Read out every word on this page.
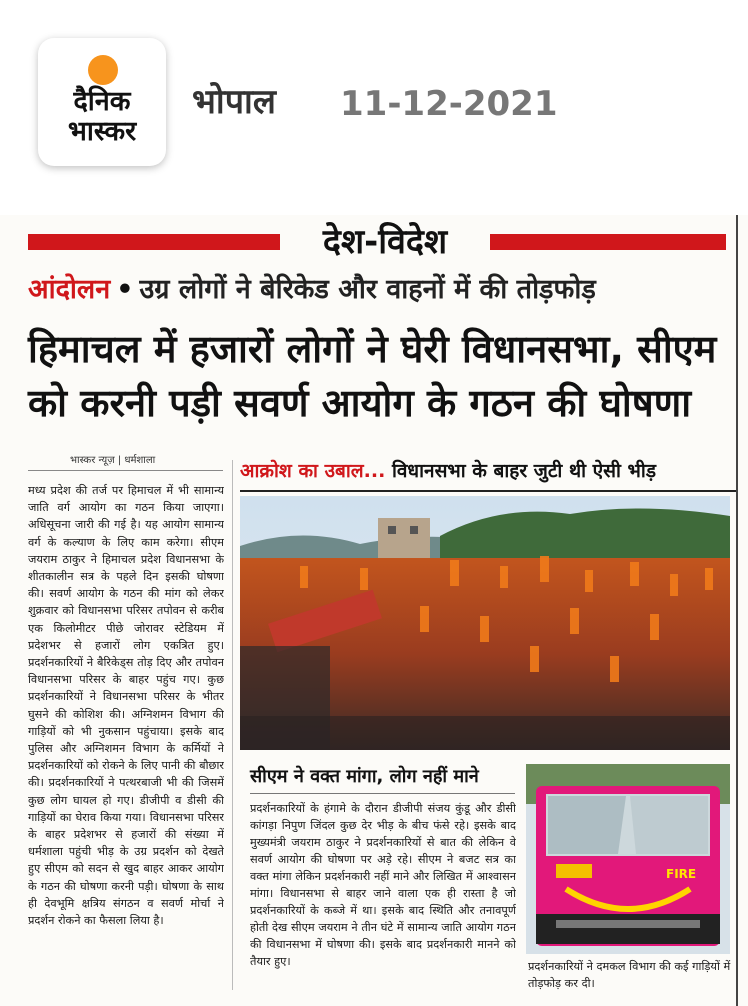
दैनिक
भास्कर
भोपाल 11-12-2021
देश-विदेश
आंदोलन • उग्र लोगों ने बेरिकेड और वाहनों में की तोड़फोड़
हिमाचल में हजारों लोगों ने घेरी विधानसभा, सीएम को करनी पड़ी सवर्ण आयोग के गठन की घोषणा
भास्कर न्यूज़ | धर्मशाला
मध्य प्रदेश की तर्ज पर हिमाचल में भी सामान्य जाति वर्ग आयोग का गठन किया जाएगा। अधिसूचना जारी की गई है। यह आयोग सामान्य वर्ग के कल्याण के लिए काम करेगा। सीएम जयराम ठाकुर ने हिमाचल प्रदेश विधानसभा के शीतकालीन सत्र के पहले दिन इसकी घोषणा की। सवर्ण आयोग के गठन की मांग को लेकर शुक्रवार को विधानसभा परिसर तपोवन से करीब एक किलोमीटर पीछे जोरावर स्टेडियम में प्रदेशभर से हजारों लोग एकत्रित हुए। प्रदर्शनकारियों ने बैरिकेड्स तोड़ दिए और तपोवन विधानसभा परिसर के बाहर पहुंच गए। कुछ प्रदर्शनकारियों ने विधानसभा परिसर के भीतर घुसने की कोशिश की। अग्निशमन विभाग की गाड़ियों को भी नुकसान पहुंचाया। इसके बाद पुलिस और अग्निशमन विभाग के कर्मियों ने प्रदर्शनकारियों को रोकने के लिए पानी की बौछार की। प्रदर्शनकारियों ने पत्थरबाजी भी की जिसमें कुछ लोग घायल हो गए। डीजीपी व डीसी की गाड़ियों का घेराव किया गया। विधानसभा परिसर के बाहर प्रदेशभर से हजारों की संख्या में धर्मशाला पहुंची भीड़ के उग्र प्रदर्शन को देखते हुए सीएम को सदन से खुद बाहर आकर आयोग के गठन की घोषणा करनी पड़ी। घोषणा के साथ ही देवभूमि क्षत्रिय संगठन व सवर्ण मोर्चा ने प्रदर्शन रोकने का फैसला लिया है।
आक्रोश का उबाल... विधानसभा के बाहर जुटी थी ऐसी भीड़
सीएम ने वक्त मांगा, लोग नहीं माने
प्रदर्शनकारियों के हंगामे के दौरान डीजीपी संजय कुंडू और डीसी कांगड़ा निपुण जिंदल कुछ देर भीड़ के बीच फंसे रहे। इसके बाद मुख्यमंत्री जयराम ठाकुर ने प्रदर्शनकारियों से बात की लेकिन वे सवर्ण आयोग की घोषणा पर अड़े रहे। सीएम ने बजट सत्र का वक्त मांगा लेकिन प्रदर्शनकारी नहीं माने और लिखित में आश्वासन मांगा। विधानसभा से बाहर जाने वाला एक ही रास्ता है जो प्रदर्शनकारियों के कब्जे में था। इसके बाद स्थिति और तनावपूर्ण होती देख सीएम जयराम ने तीन घंटे में सामान्य जाति आयोग गठन की विधानसभा में घोषणा की। इसके बाद प्रदर्शनकारी मानने को तैयार हुए।
FIRE
प्रदर्शनकारियों ने दमकल विभाग की कई गाड़ियों में तोड़फोड़ कर दी।
